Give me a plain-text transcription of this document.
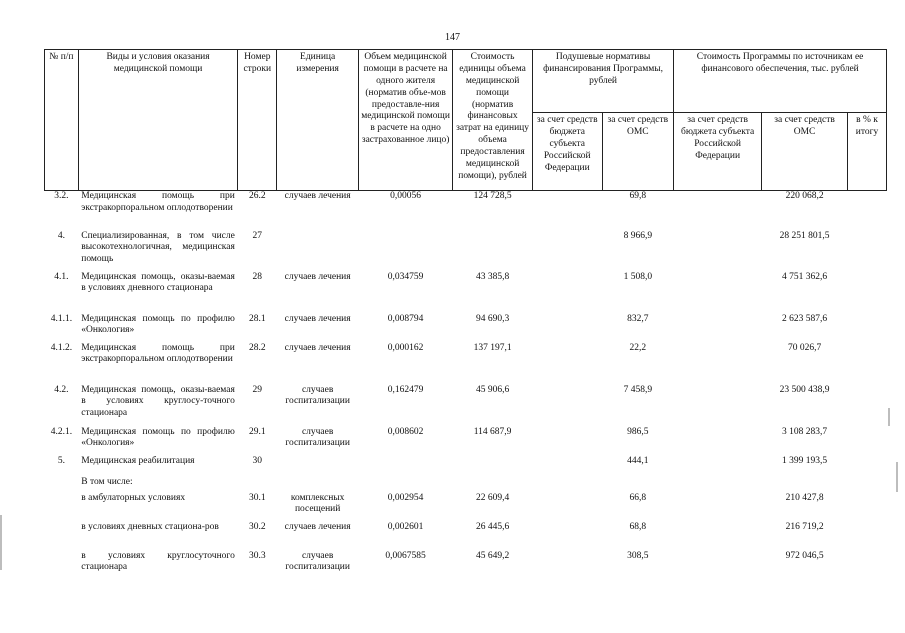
147
№ п/п	Виды и условия оказания медицинской помощи	Номер строки	Единица измерения	Объем медицинской помощи в расчете на одного жителя (норматив объе-мов предоставле-ния медицинской помощи в расчете на одно застрахованное лицо)	Стоимость единицы объема медицинской помощи (норматив финансовых затрат на единицу объема предоставления медицинской помощи), рублей	Подушевые нормативы финансирования Программы, рублей		Стоимость Программы по источникам ее финансового обеспечения, тыс. рублей		
						за счет средств бюджета субъекта Российской Федерации	за счет средств ОМС	за счет средств бюджета субъекта Российской Федерации	за счет средств ОМС	в % к итогу
3.2.	Медицинская помощь при экстракорпоральном оплодотворении	26.2	случаев лечения	0,00056	124 728,5		69,8		220 068,2	
4.	Специализированная, в том числе высокотехнологичная, медицинская помощь	27					8 966,9		28 251 801,5	
4.1.	Медицинская помощь, оказы-ваемая в условиях дневного стационара	28	случаев лечения	0,034759	43 385,8		1 508,0		4 751 362,6	
4.1.1.	Медицинская помощь по профилю «Онкология»	28.1	случаев лечения	0,008794	94 690,3		832,7		2 623 587,6	
4.1.2.	Медицинская помощь при экстракорпоральном оплодотворении	28.2	случаев лечения	0,000162	137 197,1		22,2		70 026,7	
4.2.	Медицинская помощь, оказы-ваемая в условиях круглосу-точного стационара	29	случаев госпитализации	0,162479	45 906,6		7 458,9		23 500 438,9	
4.2.1.	Медицинская помощь по профилю «Онкология»	29.1	случаев госпитализации	0,008602	114 687,9		986,5		3 108 283,7	
5.	Медицинская реабилитация	30					444,1		1 399 193,5	
	В том числе:									
	в амбулаторных условиях	30.1	комплексных посещений	0,002954	22 609,4		66,8		210 427,8	
	в условиях дневных стациона-ров	30.2	случаев лечения	0,002601	26 445,6		68,8		216 719,2	
	в условиях круглосуточного стационара	30.3	случаев госпитализации	0,0067585	45 649,2		308,5		972 046,5	
